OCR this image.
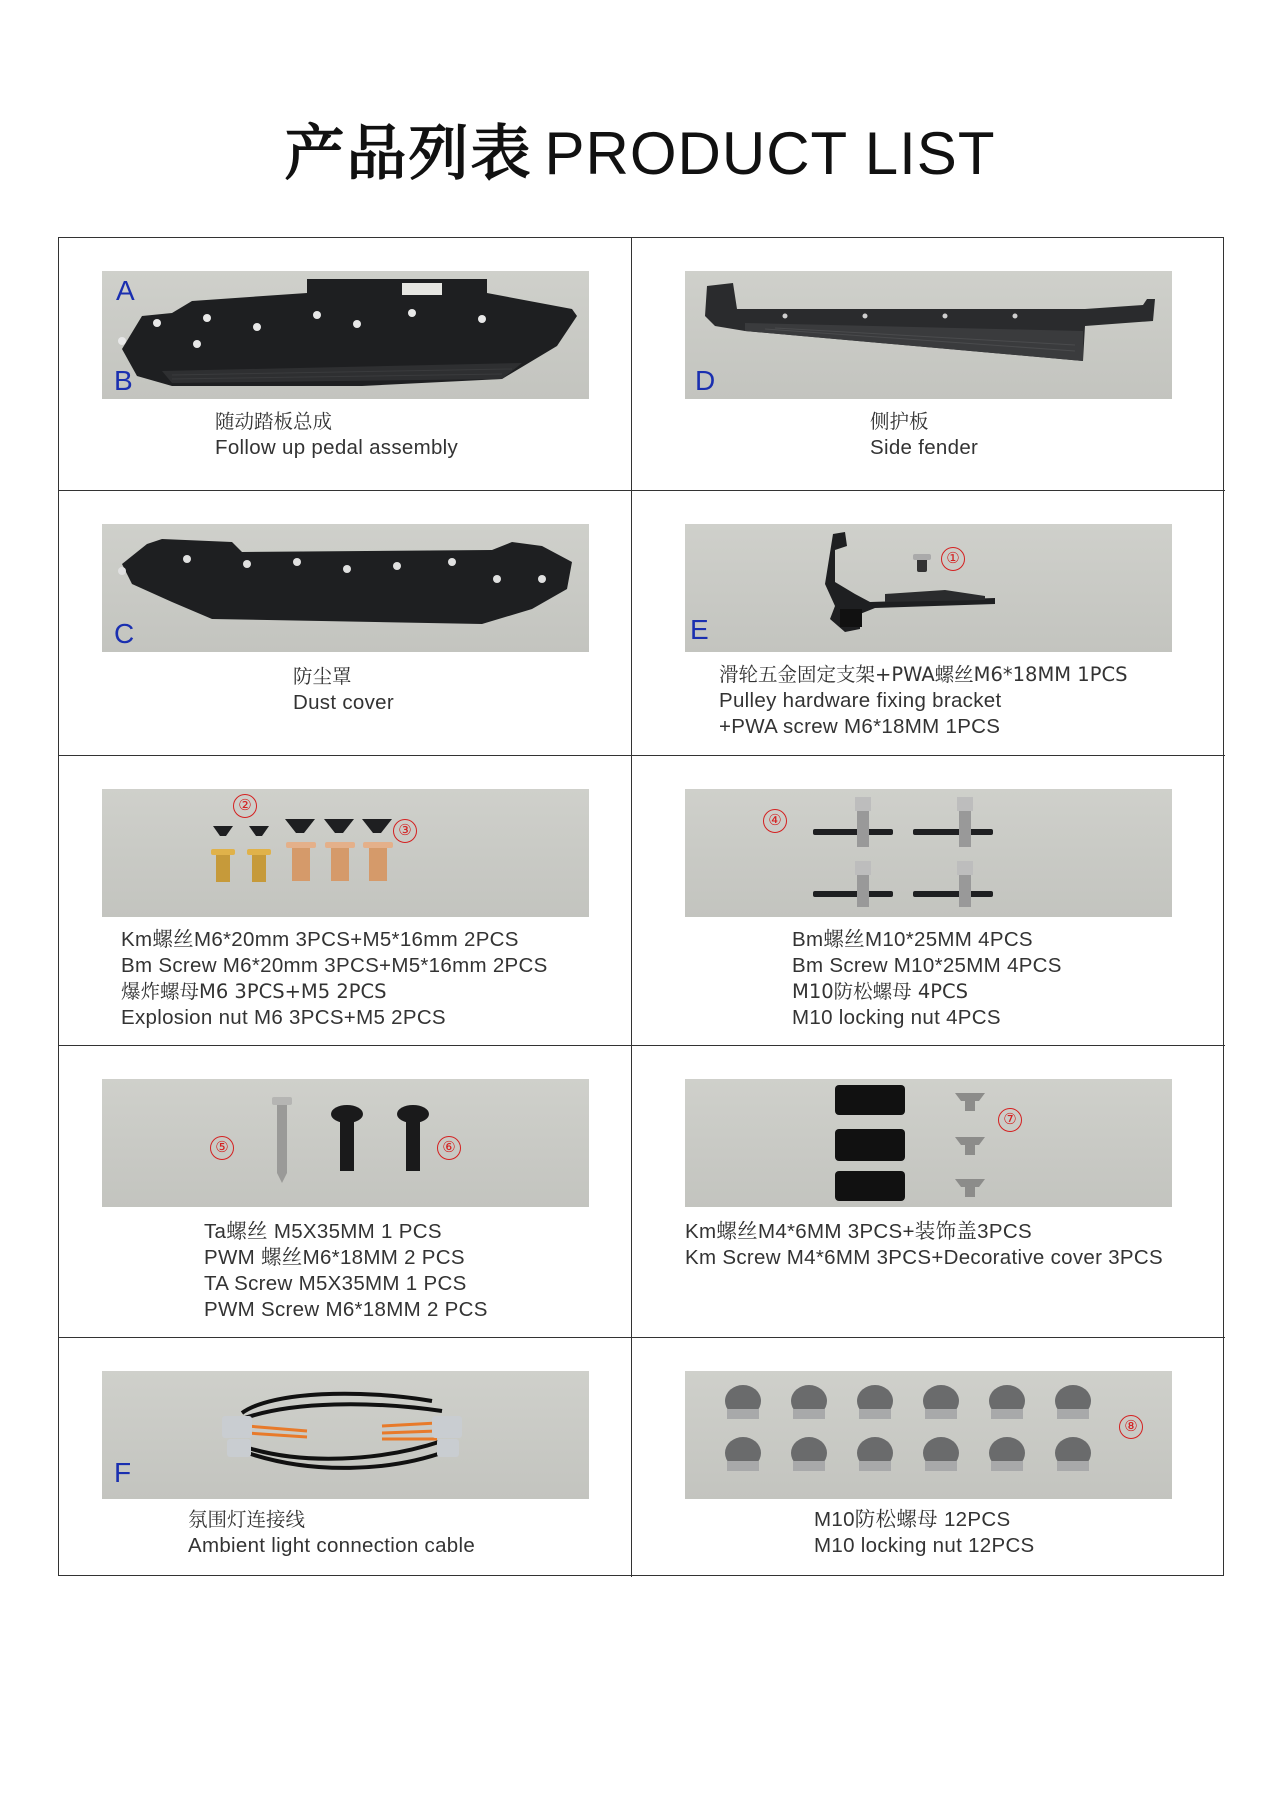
产品列表 PRODUCT LIST
A
B
随动踏板总成
Follow up pedal assembly
D
侧护板
Side fender
C
防尘罩
Dust cover
E
①
滑轮五金固定支架+PWA螺丝M6*18MM 1PCS
Pulley hardware fixing bracket
+PWA screw M6*18MM 1PCS
②
③
Km螺丝M6*20mm 3PCS+M5*16mm 2PCS
Bm Screw M6*20mm 3PCS+M5*16mm 2PCS
爆炸螺母M6 3PCS+M5 2PCS
Explosion nut M6 3PCS+M5 2PCS
④
Bm螺丝M10*25MM 4PCS
Bm Screw M10*25MM 4PCS
M10防松螺母 4PCS
M10 locking nut 4PCS
⑤	⑥
Ta螺丝 M5X35MM 1 PCS
PWM 螺丝M6*18MM 2 PCS
TA Screw M5X35MM 1 PCS
PWM Screw M6*18MM 2 PCS
⑦
Km螺丝M4*6MM 3PCS+装饰盖3PCS
Km Screw M4*6MM 3PCS+Decorative cover 3PCS
F
氛围灯连接线
Ambient light connection cable
⑧
M10防松螺母 12PCS
M10 locking nut 12PCS
